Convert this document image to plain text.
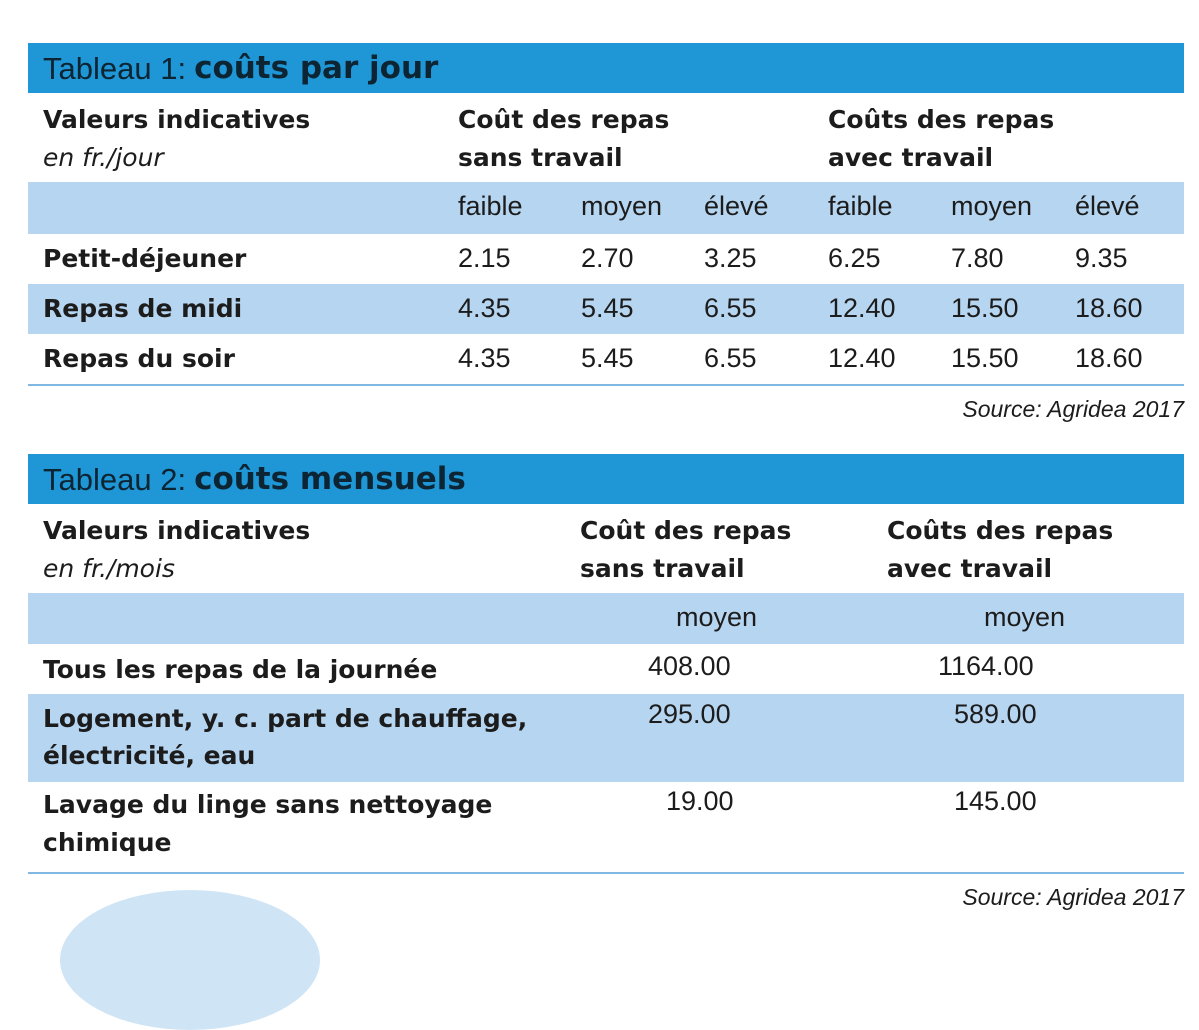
Tableau 1: coûts par jour
Valeurs indicatives
en fr./jour
Coût des repas
sans travail
Coûts des repas
avec travail
faible moyen élevé faible moyen élevé
Petit-déjeuner	2.15	2.70	3.25	6.25	7.80	9.35
Repas de midi	4.35	5.45	6.55	12.40 15.50 18.60
Repas du soir	4.35	5.45	6.55	12.40 15.50 18.60
Source: Agridea 2017
Tableau 2: coûts mensuels
Valeurs indicatives
en fr./mois
Coût des repas
sans travail
Coûts des repas
avec travail
moyen	moyen
Tous les repas de la journée	408.00	1164.00
Logement, y. c. part de chauffage,
électricité, eau
295.00	589.00
Lavage du linge sans nettoyage
chimique
19.00	145.00
Source: Agridea 2017
